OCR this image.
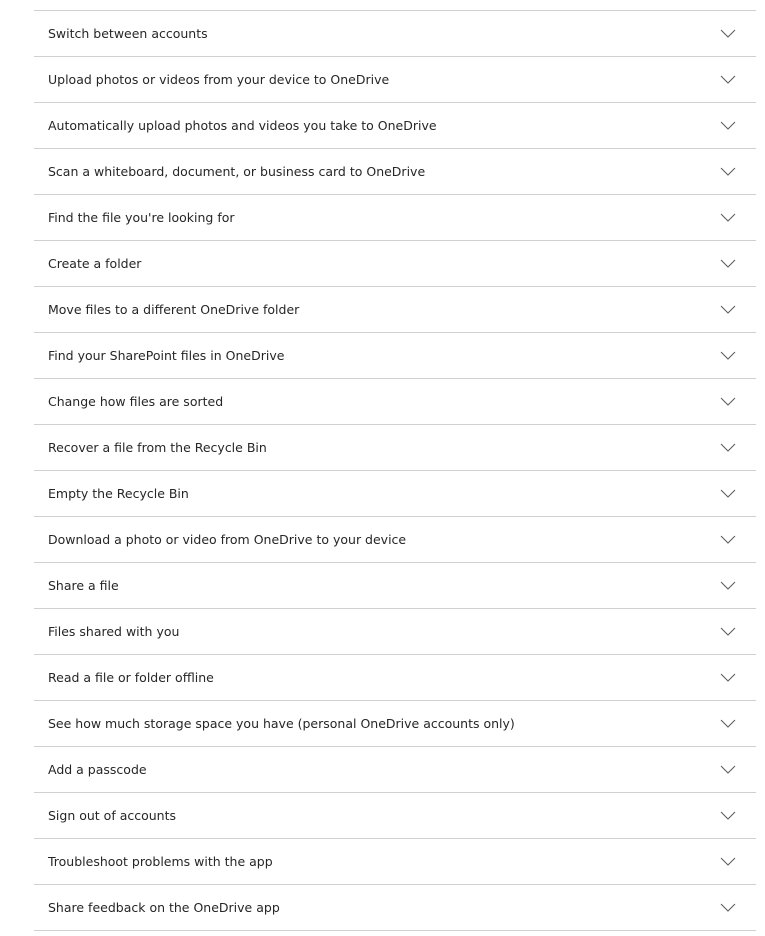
Switch between accounts
Upload photos or videos from your device to OneDrive
Automatically upload photos and videos you take to OneDrive
Scan a whiteboard, document, or business card to OneDrive
Find the file you're looking for
Create a folder
Move files to a different OneDrive folder
Find your SharePoint files in OneDrive
Change how files are sorted
Recover a file from the Recycle Bin
Empty the Recycle Bin
Download a photo or video from OneDrive to your device
Share a file
Files shared with you
Read a file or folder offline
See how much storage space you have (personal OneDrive accounts only)
Add a passcode
Sign out of accounts
Troubleshoot problems with the app
Share feedback on the OneDrive app
